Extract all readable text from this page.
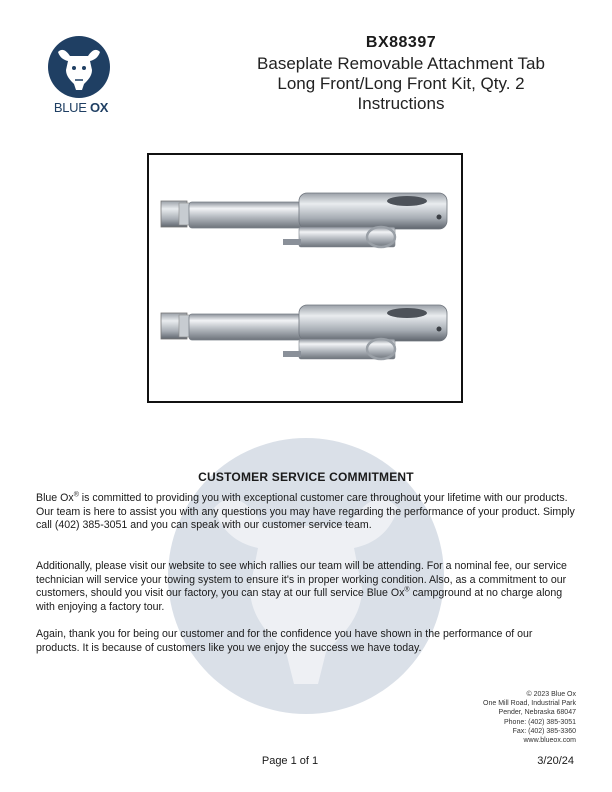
BLUE OX
BX88397
Baseplate Removable Attachment Tab
Long Front/Long Front Kit, Qty. 2
Instructions
CUSTOMER SERVICE COMMITMENT
Blue Ox® is committed to providing you with exceptional customer care throughout your lifetime with our products. Our team is here to assist you with any questions you may have regarding the performance of your product. Simply call (402) 385-3051 and you can speak with our customer service team.
Additionally, please visit our website to see which rallies our team will be attending. For a nominal fee, our service technician will service your towing system to ensure it's in proper working condition. Also, as a commitment to our customers, should you visit our factory, you can stay at our full service Blue Ox® campground at no charge along with enjoying a factory tour.
Again, thank you for being our customer and for the confidence you have shown in the performance of our products. It is because of customers like you we enjoy the success we have today.
© 2023 Blue Ox
One Mill Road, Industrial Park
Pender, Nebraska 68047
Phone: (402) 385-3051
Fax: (402) 385-3360
www.blueox.com
Page 1 of 1	3/20/24
